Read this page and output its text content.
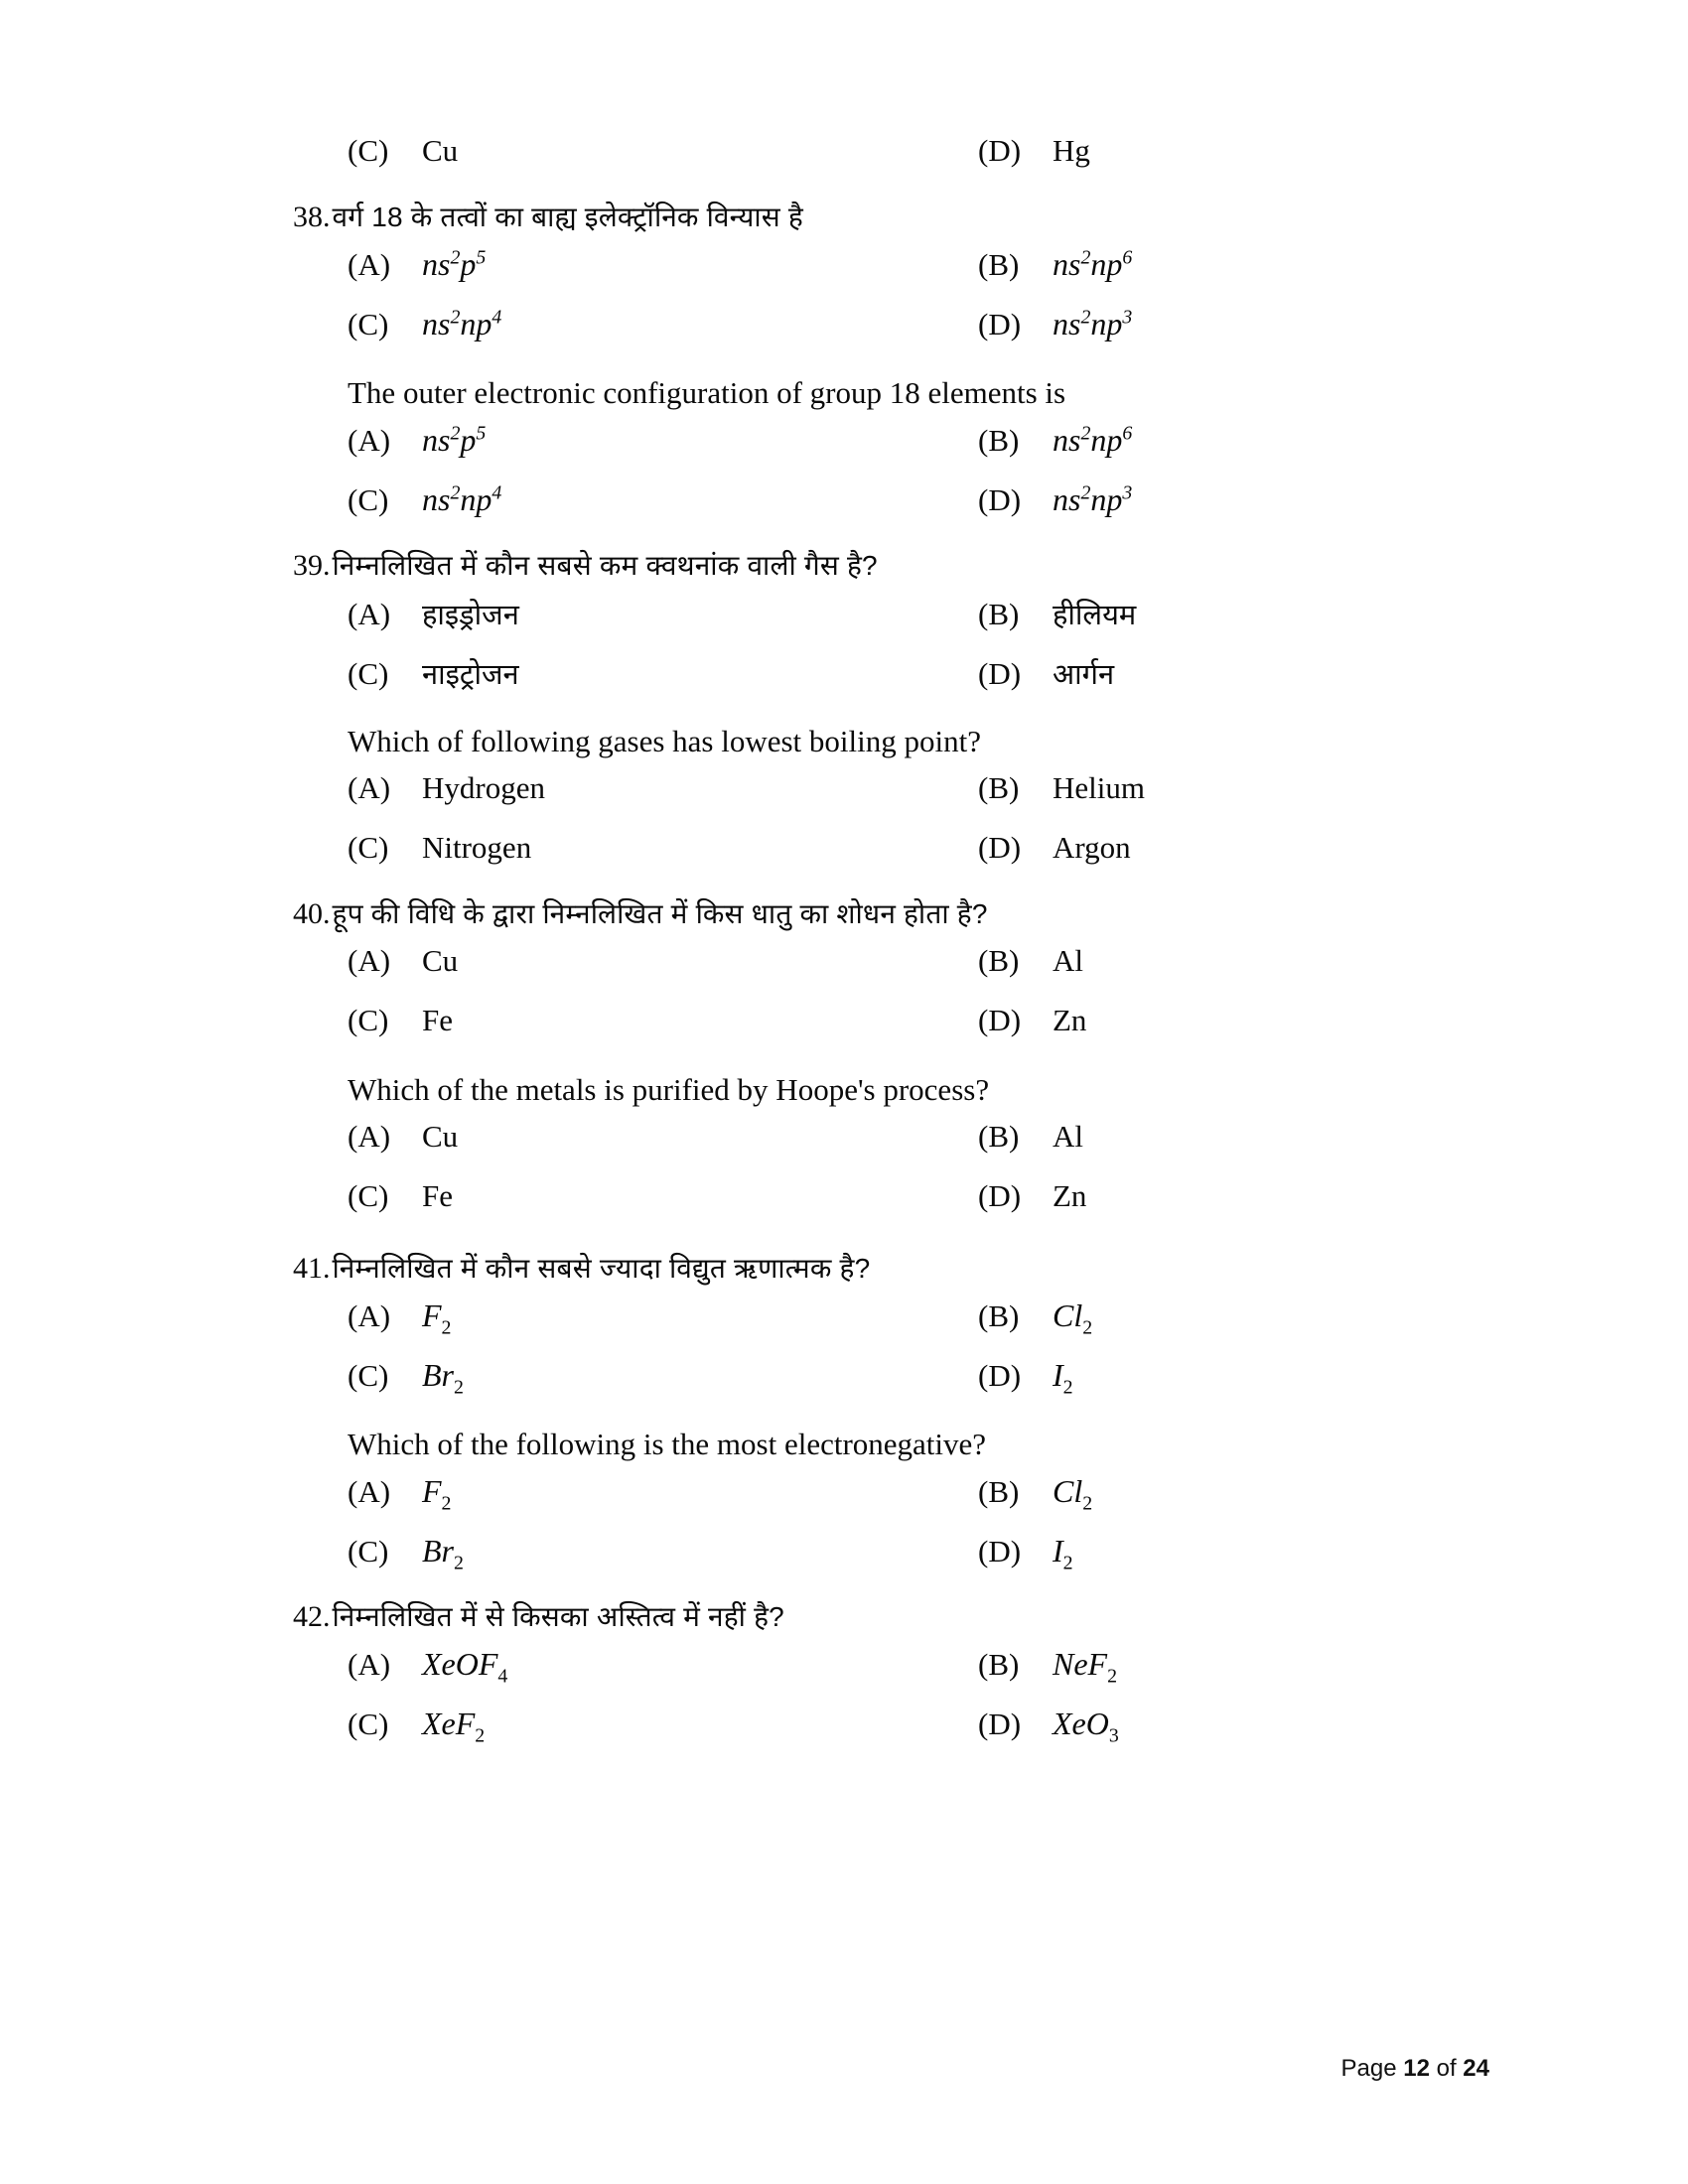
(C)	Cu	(D)	Hg
38. वर्ग 18 के तत्वों का बाह्य इलेक्ट्रॉनिक विन्यास है
(A) $ns^2p^5$	(B)	$ns^2np^6$
(C)	$ns^2np^4$	(D) $ns^2np^3$
The outer electronic configuration of group 18 elements is
(A) $ns^2p^5$	(B)	$ns^2np^6$
(C)	$ns^2np^4$	(D) $ns^2np^3$
39. निम्नलिखित में कौन सबसे कम क्वथनांक वाली गैस है?
(A)	हाइड्रोजन	(B)	हीलियम
(C)	नाइट्रोजन	(D)	आर्गन
Which of following gases has lowest boiling point?
(A)	Hydrogen	(B)	Helium
(C)	Nitrogen	(D)	Argon
40. हूप की विधि के द्वारा निम्नलिखित में किस धातु का शोधन होता है?
(A)	Cu	(B)	Al
(C)	Fe	(D)	Zn
Which of the metals is purified by Hoope's process?
(A)	Cu	(B)	Al
(C)	Fe	(D)	Zn
41. निम्नलिखित में कौन सबसे ज्यादा विद्युत ऋणात्मक है?
(A) $F_2$	(B)	$Cl_2$
(C)	$Br_2$	(D) $I_2$
Which of the following is the most electronegative?
(A) $F_2$	(B)	$Cl_2$
(C)	$Br_2$	(D) $I_2$
42. निम्नलिखित में से किसका अस्तित्व में नहीं है?
(A) XeOF$_4$	(B)	NeF$_2$
(C)	XeF$_2$	(D) XeO$_3$
Page 12 of 24
